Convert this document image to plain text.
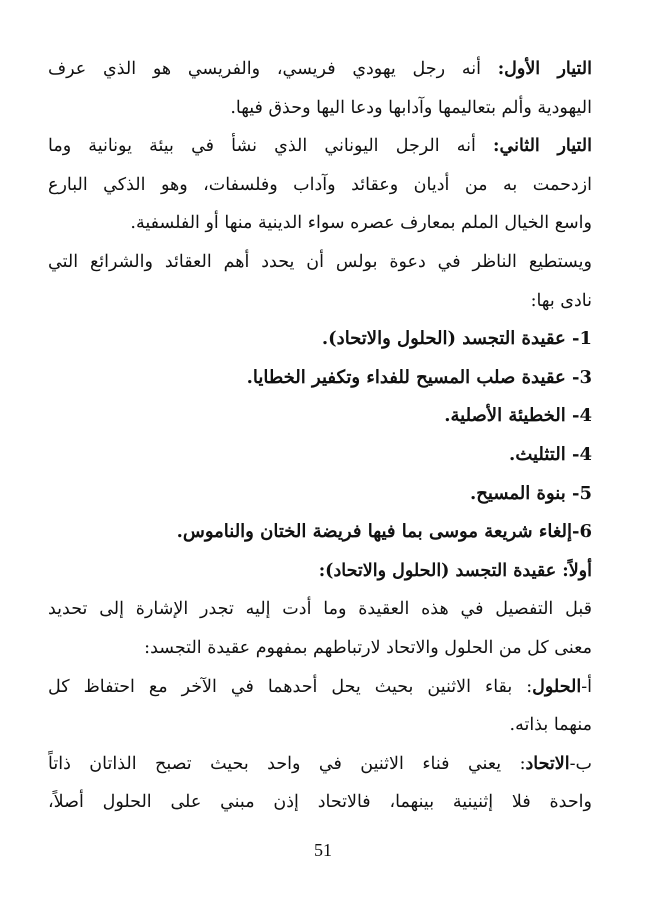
التيار الأول: أنه رجل يهودي فريسي، والفريسي هو الذي عرف
اليهودية وألم بتعاليمها وآدابها ودعا اليها وحذق فيها.
التيار الثاني: أنه الرجل اليوناني الذي نشأ في بيئة يونانية وما
ازدحمت به من أديان وعقائد وآداب وفلسفات، وهو الذكي البارع
واسع الخيال الملم بمعارف عصره سواء الدينية منها أو الفلسفية.
ويستطيع الناظر في دعوة بولس أن يحدد أهم العقائد والشرائع التي
نادى بها:
1- عقيدة التجسد (الحلول والاتحاد).
3- عقيدة صلب المسيح للفداء وتكفير الخطايا.
4- الخطيئة الأصلية.
4- التثليث.
5- بنوة المسيح.
6-إلغاء شريعة موسى بما فيها فريضة الختان والناموس.
أولاً: عقيدة التجسد (الحلول والاتحاد):
قبل التفصيل في هذه العقيدة وما أدت إليه تجدر الإشارة إلى تحديد
معنى كل من الحلول والاتحاد لارتباطهم بمفهوم عقيدة التجسد:
أ-الحلول: بقاء الاثنين بحيث يحل أحدهما في الآخر مع احتفاظ كل
منهما بذاته.
ب-الاتحاد: يعني فناء الاثنين في واحد بحيث تصبح الذاتان ذاتاً
واحدة فلا إثنينية بينهما، فالاتحاد إذن مبني على الحلول أصلاً،
51
